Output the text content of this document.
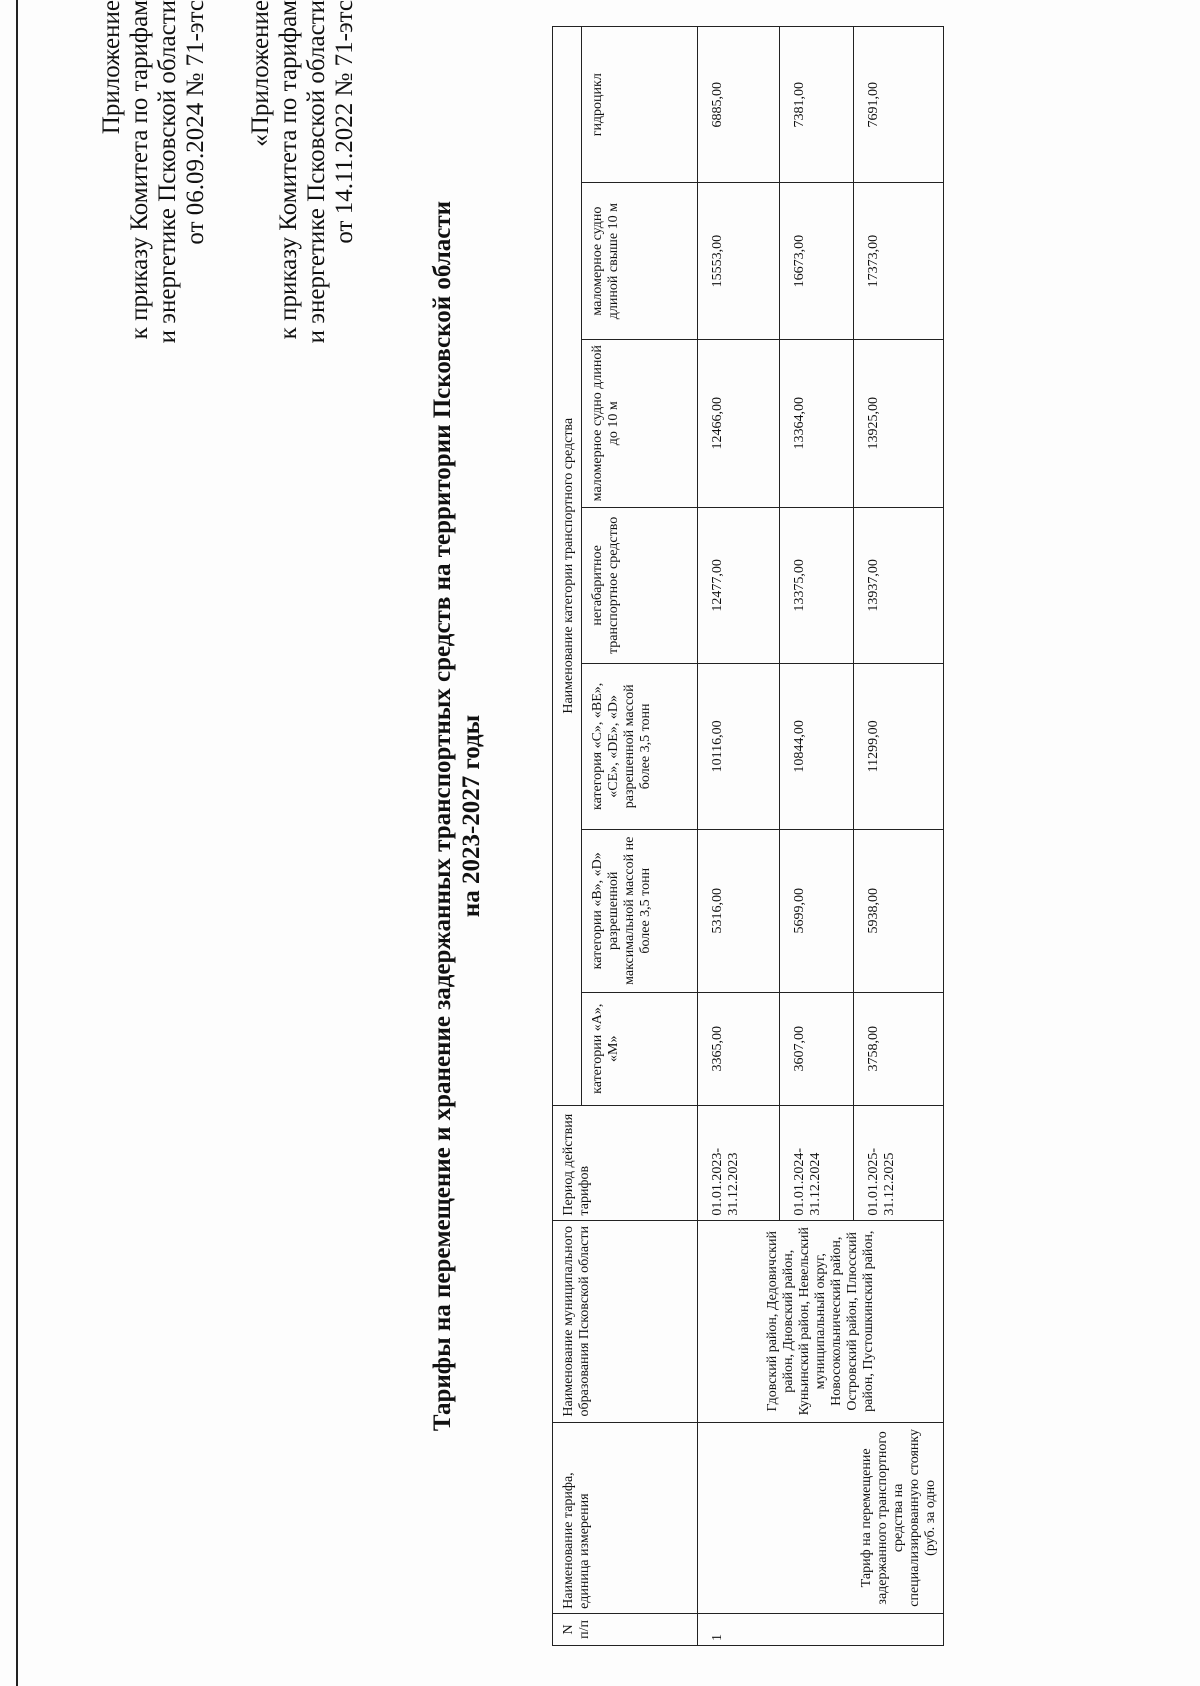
Приложение к приказу Комитета по тарифам и энергетике Псковской области от 06.09.2024 № 71-этс «Приложение к приказу Комитета по тарифам и энергетике Псковской области от 14.11.2022 № 71-этс
Тарифы на перемещение и хранение задержанных транспортных средств на территории Псковской области на 2023-2027 годы
N п/п	Наименование тарифа, единица измерения	Наименование муниципального образования Псковской области	Период действия тарифов	Наименование категории транспортного средства						
				категории «А», «М»	категории «В», «D» разрешенной максимальной массой не более 3,5 тонн	категория «С», «ВЕ», «СЕ», «DE», «D» разрешенной массой более 3,5 тонн	негабаритное транспортное средство	маломерное судно длиной до 10 м	маломерное судно длиной свыше 10 м	гидроцикл
1	Тариф на перемещение задержанного транспортного средства на специализированную стоянку (руб. за одно	Гдовский район, Дедовичский район, Дновский район, Куньинский район, Невельский муниципальный округ, Новосокольнический район, Островский район, Плюсский район, Пустошкинский район,	01.01.2023-31.12.2023	3365,00	5316,00	10116,00	12477,00	12466,00	15553,00	6885,00
			01.01.2024-31.12.2024	3607,00	5699,00	10844,00	13375,00	13364,00	16673,00	7381,00
			01.01.2025-31.12.2025	3758,00	5938,00	11299,00	13937,00	13925,00	17373,00	7691,00
